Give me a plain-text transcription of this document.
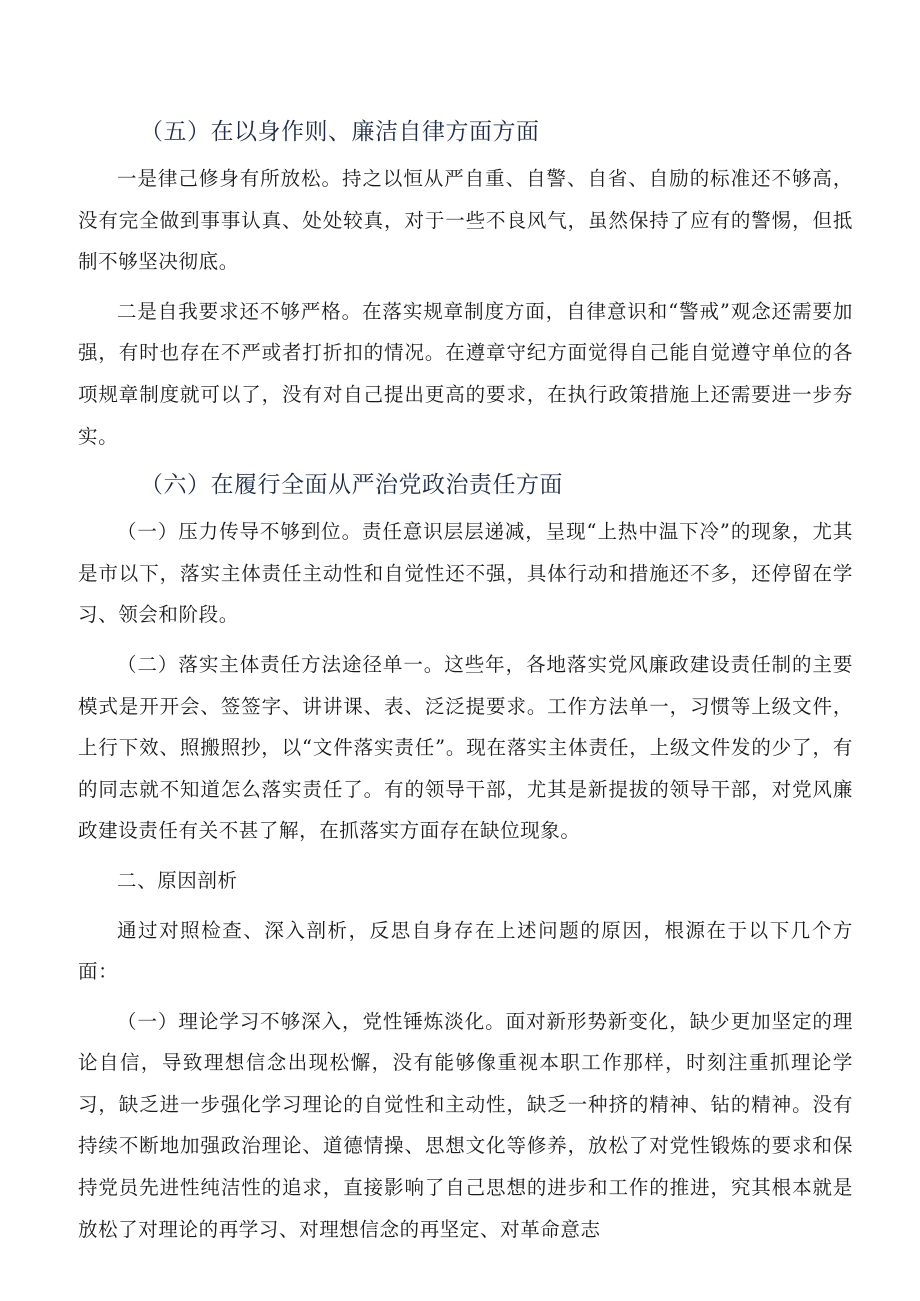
（五）在以身作则、廉洁自律方面方面

一是律己修身有所放松。持之以恒从严自重、自警、自省、自励的标准还不够高，没有完全做到事事认真、处处较真，对于一些不良风气，虽然保持了应有的警惕，但抵制不够坚决彻底。

二是自我要求还不够严格。在落实规章制度方面，自律意识和“警戒”观念还需要加强，有时也存在不严或者打折扣的情况。在遵章守纪方面觉得自己能自觉遵守单位的各项规章制度就可以了，没有对自己提出更高的要求，在执行政策措施上还需要进一步夯实。

（六）在履行全面从严治党政治责任方面

（一）压力传导不够到位。责任意识层层递减，呈现“上热中温下冷”的现象，尤其是市以下，落实主体责任主动性和自觉性还不强，具体行动和措施还不多，还停留在学习、领会和阶段。

（二）落实主体责任方法途径单一。这些年，各地落实党风廉政建设责任制的主要模式是开开会、签签字、讲讲课、表、泛泛提要求。工作方法单一，习惯等上级文件，上行下效、照搬照抄，以“文件落实责任”。现在落实主体责任，上级文件发的少了，有的同志就不知道怎么落实责任了。有的领导干部，尤其是新提拔的领导干部，对党风廉政建设责任有关不甚了解，在抓落实方面存在缺位现象。

二、原因剖析

通过对照检查、深入剖析，反思自身存在上述问题的原因，根源在于以下几个方面：

（一）理论学习不够深入，党性锤炼淡化。面对新形势新变化，缺少更加坚定的理论自信，导致理想信念出现松懈，没有能够像重视本职工作那样，时刻注重抓理论学习，缺乏进一步强化学习理论的自觉性和主动性，缺乏一种挤的精神、钻的精神。没有持续不断地加强政治理论、道德情操、思想文化等修养，放松了对党性锻炼的要求和保持党员先进性纯洁性的追求，直接影响了自己思想的进步和工作的推进，究其根本就是放松了对理论的再学习、对理想信念的再坚定、对革命意志
